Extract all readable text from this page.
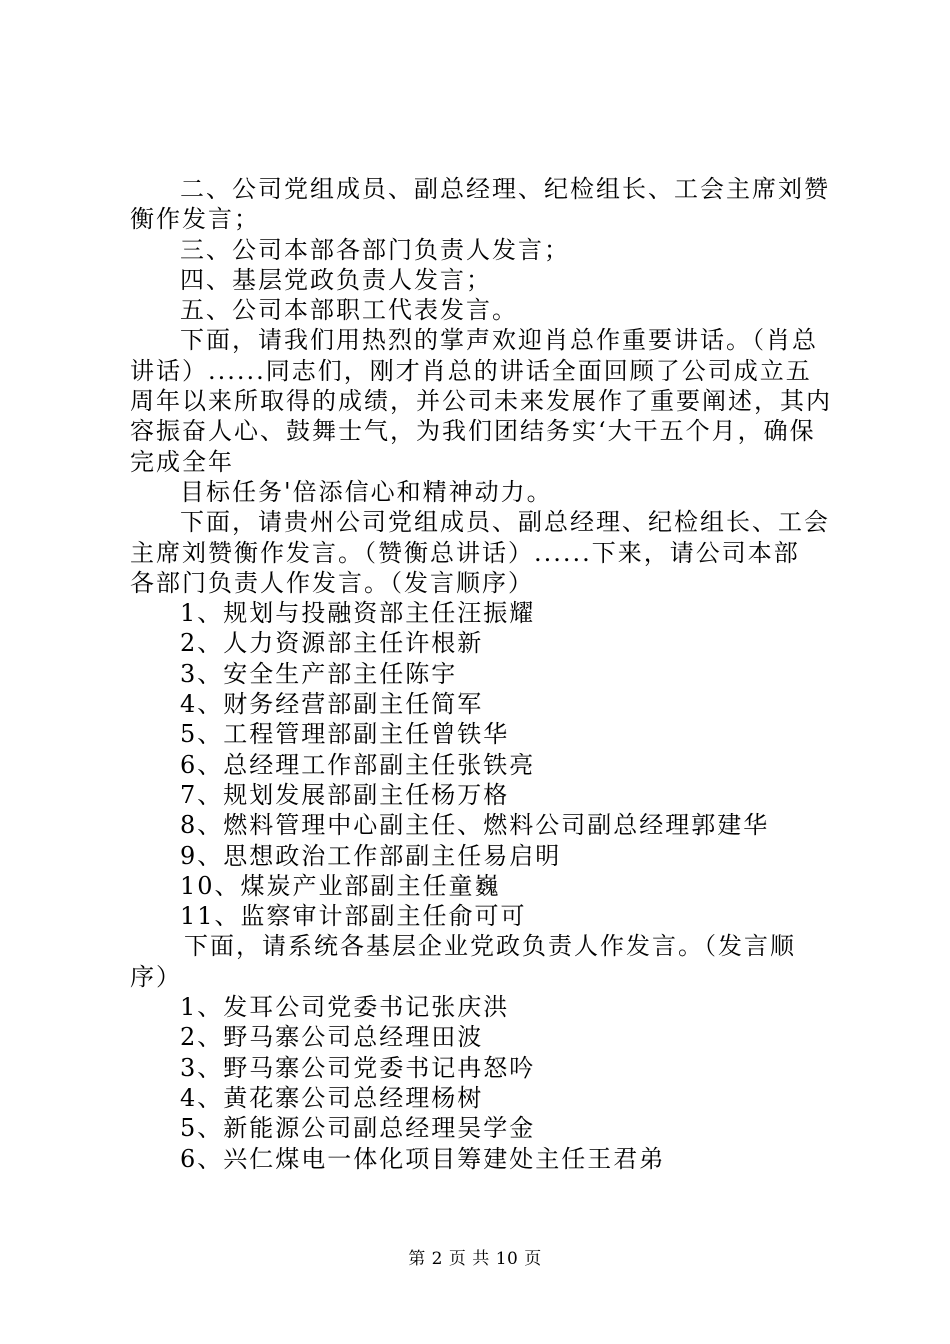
二、公司党组成员、副总经理、纪检组长、工会主席刘赞

衡作发言；

三、公司本部各部门负责人发言；

四、基层党政负责人发言；

五、公司本部职工代表发言。

下面，请我们用热烈的掌声欢迎肖总作重要讲话。（肖总

讲话）......同志们，刚才肖总的讲话全面回顾了公司成立五

周年以来所取得的成绩，并公司未来发展作了重要阐述，其内

容振奋人心、鼓舞士气，为我们团结务实‘大干五个月，确保

完成全年

目标任务'倍添信心和精神动力。

下面，请贵州公司党组成员、副总经理、纪检组长、工会

主席刘赞衡作发言。（赞衡总讲话）......下来，请公司本部

各部门负责人作发言。（发言顺序）

1、规划与投融资部主任汪振耀

2、人力资源部主任许根新

3、安全生产部主任陈宇

4、财务经营部副主任简军

5、工程管理部副主任曾铁华

6、总经理工作部副主任张铁亮

7、规划发展部副主任杨万格

8、燃料管理中心副主任、燃料公司副总经理郭建华

9、思想政治工作部副主任易启明

10、煤炭产业部副主任童巍

11、监察审计部副主任俞可可

下面，请系统各基层企业党政负责人作发言。（发言顺

序）

1、发耳公司党委书记张庆洪

2、野马寨公司总经理田波

3、野马寨公司党委书记冉怒吟

4、黄花寨公司总经理杨树

5、新能源公司副总经理吴学金

6、兴仁煤电一体化项目筹建处主任王君弟

第 2 页 共 10 页
